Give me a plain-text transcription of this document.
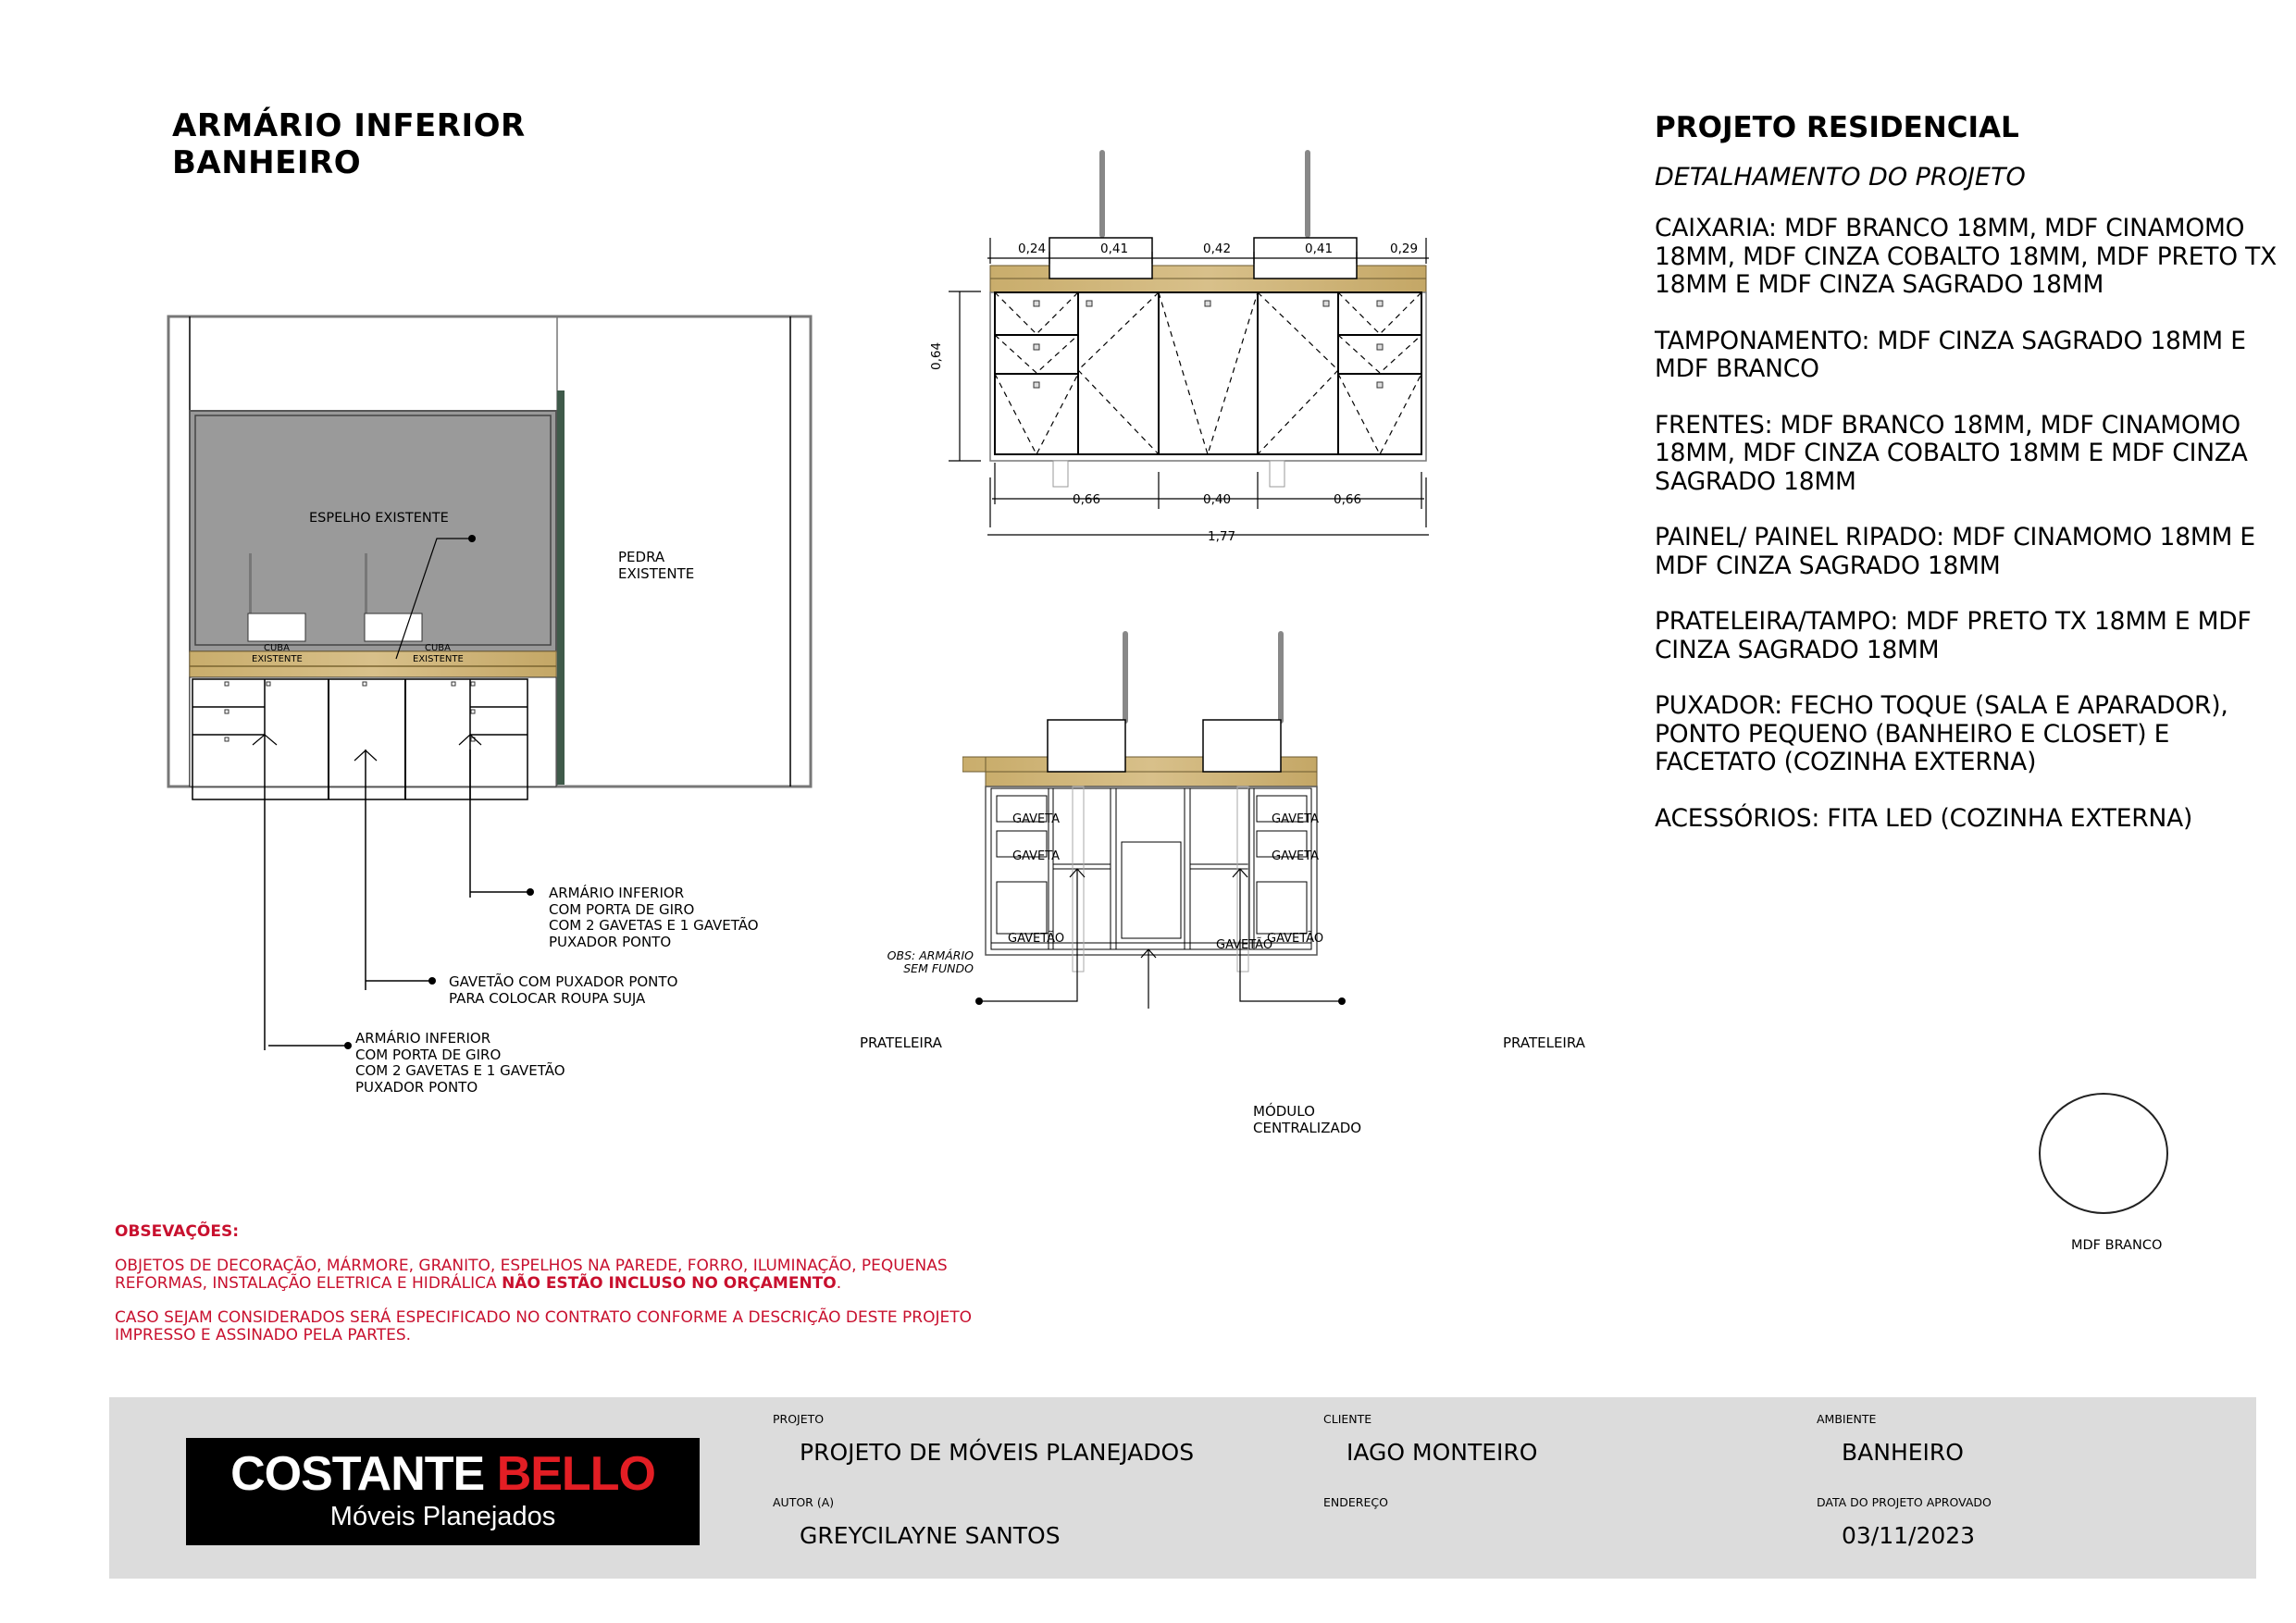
ARMÁRIO INFERIOR
BANHEIRO
PROJETO RESIDENCIAL
DETALHAMENTO DO PROJETO
CAIXARIA: MDF BRANCO 18MM, MDF CINAMOMO 18MM, MDF CINZA COBALTO 18MM, MDF PRETO TX 18MM E MDF CINZA SAGRADO 18MM
TAMPONAMENTO: MDF CINZA SAGRADO 18MM E MDF BRANCO
FRENTES: MDF BRANCO 18MM, MDF CINAMOMO 18MM, MDF CINZA COBALTO 18MM E MDF CINZA SAGRADO 18MM
PAINEL/ PAINEL RIPADO: MDF CINAMOMO 18MM E MDF CINZA SAGRADO 18MM
PRATELEIRA/TAMPO: MDF PRETO TX 18MM E MDF CINZA SAGRADO 18MM
PUXADOR: FECHO TOQUE (SALA E APARADOR), PONTO PEQUENO (BANHEIRO E CLOSET) E FACETATO (COZINHA EXTERNA)
ACESSÓRIOS: FITA LED (COZINHA EXTERNA)
ESPELHO EXISTENTE
CUBA
EXISTENTE
CUBA
EXISTENTE
PEDRA
EXISTENTE
ARMÁRIO INFERIOR
COM PORTA DE GIRO
COM 2 GAVETAS E 1 GAVETÃO
PUXADOR PONTO
GAVETÃO COM PUXADOR PONTO
PARA COLOCAR ROUPA SUJA
ARMÁRIO INFERIOR
COM PORTA DE GIRO
COM 2 GAVETAS E 1 GAVETÃO
PUXADOR PONTO
0,24	0,41	0,42	0,41	0,29
0,64
0,66	0,40	0,66
1,77
GAVETA
GAVETA
GAVETÃO	GAVETÃO
GAVETA
GAVETA
GAVETÃO
OBS: ARMÁRIO
SEM FUNDO
PRATELEIRA	PRATELEIRA
MÓDULO
CENTRALIZADO
MDF BRANCO
OBSEVAÇÕES:

OBJETOS DE DECORAÇÃO, MÁRMORE, GRANITO, ESPELHOS NA PAREDE, FORRO, ILUMINAÇÃO, PEQUENAS REFORMAS, INSTALAÇÃO ELETRICA E HIDRÁLICA NÃO ESTÃO INCLUSO NO ORÇAMENTO.

CASO SEJAM CONSIDERADOS SERÁ ESPECIFICADO NO CONTRATO CONFORME A DESCRIÇÃO DESTE PROJETO IMPRESSO E ASSINADO PELA PARTES.

COSTANTE BELLO
Móveis Planejados
PROJETO
PROJETO DE MÓVEIS PLANEJADOS
AUTOR (A)
GREYCILAYNE SANTOS
CLIENTE
IAGO MONTEIRO
ENDEREÇO
AMBIENTE
BANHEIRO
DATA DO PROJETO APROVADO
03/11/2023
